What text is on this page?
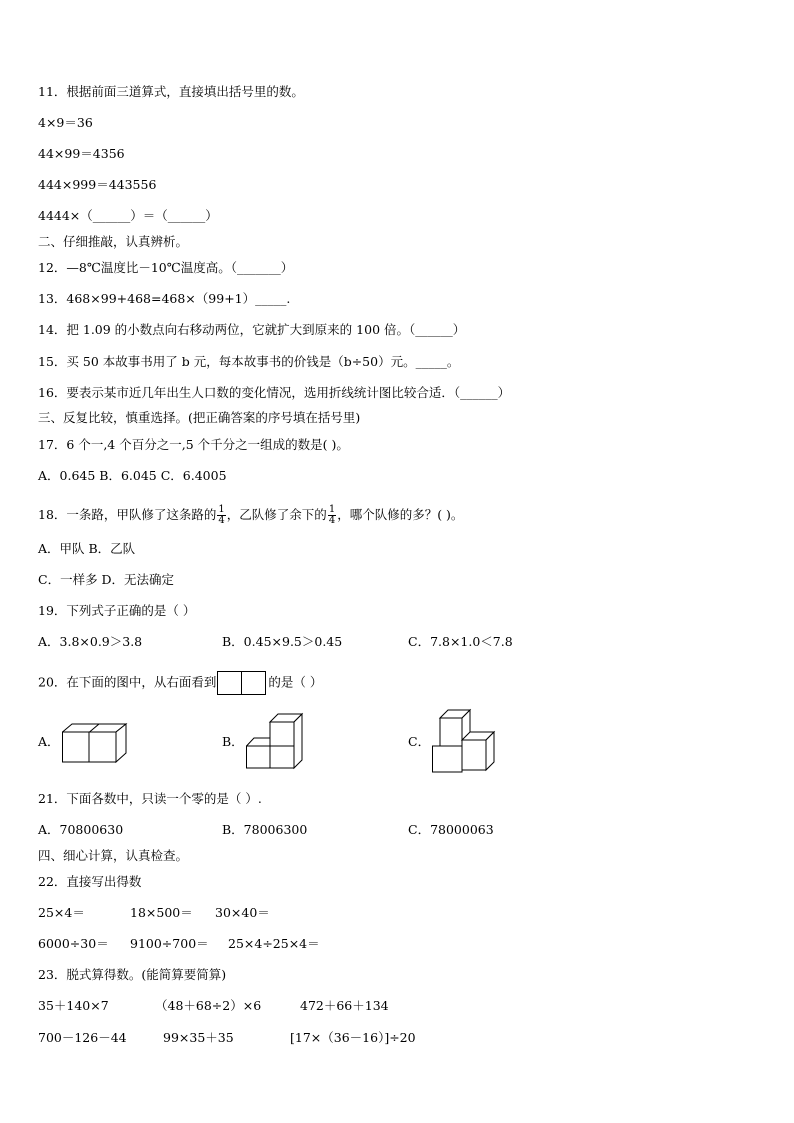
11．根据前面三道算式，直接填出括号里的数。
4×9＝36
44×99＝4356
444×999＝443556
4444×（______）＝（______）
二、仔细推敲，认真辨析。
12．—8℃温度比－10℃温度高。（_______）
13．468×99+468=468×（99+1）_____.
14．把 1.09 的小数点向右移动两位，它就扩大到原来的 100 倍。（______）
15．买 50 本故事书用了 b 元，每本故事书的价钱是（b÷50）元。_____。
16．要表示某市近几年出生人口数的变化情况，选用折线统计图比较合适．（______）
三、反复比较，慎重选择。(把正确答案的序号填在括号里)
17．6 个一,4 个百分之一,5 个千分之一组成的数是( )。
A．0.645 B．6.045 C．6.4005
18．一条路，甲队修了这条路的 $\frac{1}{4}$ ，乙队修了余下的 $\frac{1}{4}$ ，哪个队修的多？( )。
A．甲队 B．乙队
C．一样多 D．无法确定
19．下列式子正确的是（ ）
A．3.8×0.9＞3.8	B．0.45×9.5＞0.45	C．7.8×1.0＜7.8
20．在下面的图中，从右面看到	的是（ ）
A．	B．	C．
21．下面各数中，只读一个零的是（ ）.
A．70800630	B．78006300	C．78000063
四、细心计算，认真检查。
22．直接写出得数
25×4＝	18×500＝ 30×40＝
6000÷30＝ 9100÷700＝ 25×4÷25×4＝
23．脱式算得数。(能简算要简算)
35＋140×7	（48＋68÷2）×6	472＋66＋134
700－126－44	99×35＋35	[17×（36－16）]÷20
